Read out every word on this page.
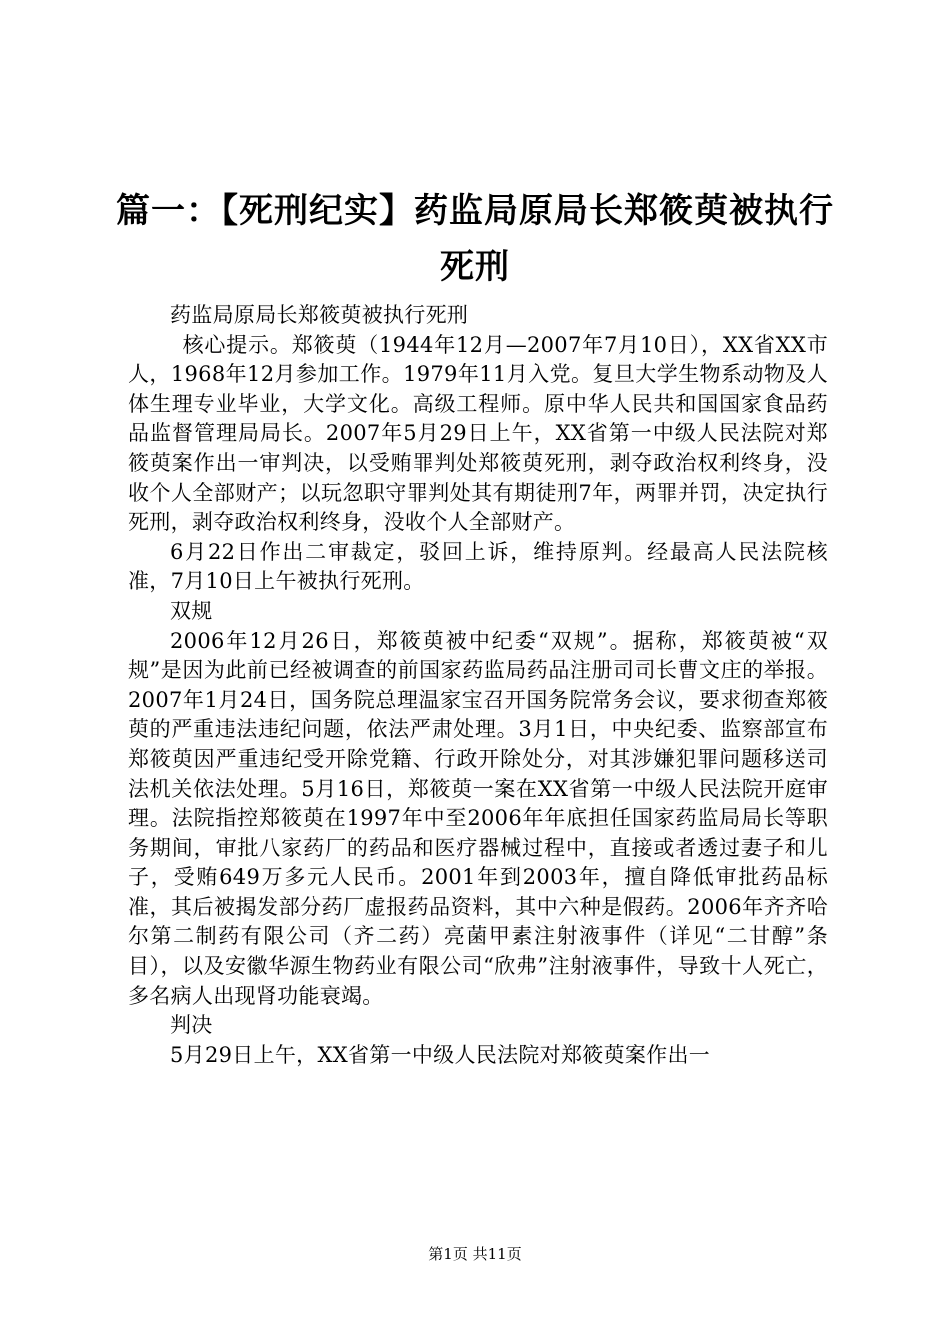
篇一：【死刑纪实】药监局原局长郑筱萸被执行死刑

药监局原局长郑筱萸被执行死刑

核心提示。郑筱萸（1944年12月—2007年7月10日），XX省XX市人，1968年12月参加工作。1979年11月入党。复旦大学生物系动物及人体生理专业毕业，大学文化。高级工程师。原中华人民共和国国家食品药品监督管理局局长。2007年5月29日上午，XX省第一中级人民法院对郑筱萸案作出一审判决，以受贿罪判处郑筱萸死刑，剥夺政治权利终身，没收个人全部财产；以玩忽职守罪判处其有期徒刑7年，两罪并罚，决定执行死刑，剥夺政治权利终身，没收个人全部财产。

6月22日作出二审裁定，驳回上诉，维持原判。经最高人民法院核准，7月10日上午被执行死刑。

双规

2006年12月26日，郑筱萸被中纪委“双规”。据称，郑筱萸被“双规”是因为此前已经被调查的前国家药监局药品注册司司长曹文庄的举报。2007年1月24日，国务院总理温家宝召开国务院常务会议，要求彻查郑筱萸的严重违法违纪问题，依法严肃处理。3月1日，中央纪委、监察部宣布郑筱萸因严重违纪受开除党籍、行政开除处分，对其涉嫌犯罪问题移送司法机关依法处理。5月16日，郑筱萸一案在XX省第一中级人民法院开庭审理。法院指控郑筱萸在1997年中至2006年年底担任国家药监局局长等职务期间，审批八家药厂的药品和医疗器械过程中，直接或者透过妻子和儿子，受贿649万多元人民币。2001年到2003年，擅自降低审批药品标准，其后被揭发部分药厂虚报药品资料，其中六种是假药。2006年齐齐哈尔第二制药有限公司（齐二药）亮菌甲素注射液事件（详见“二甘醇”条目），以及安徽华源生物药业有限公司“欣弗”注射液事件，导致十人死亡，多名病人出现肾功能衰竭。

判决

5月29日上午，XX省第一中级人民法院对郑筱萸案作出一

第1页 共11页
